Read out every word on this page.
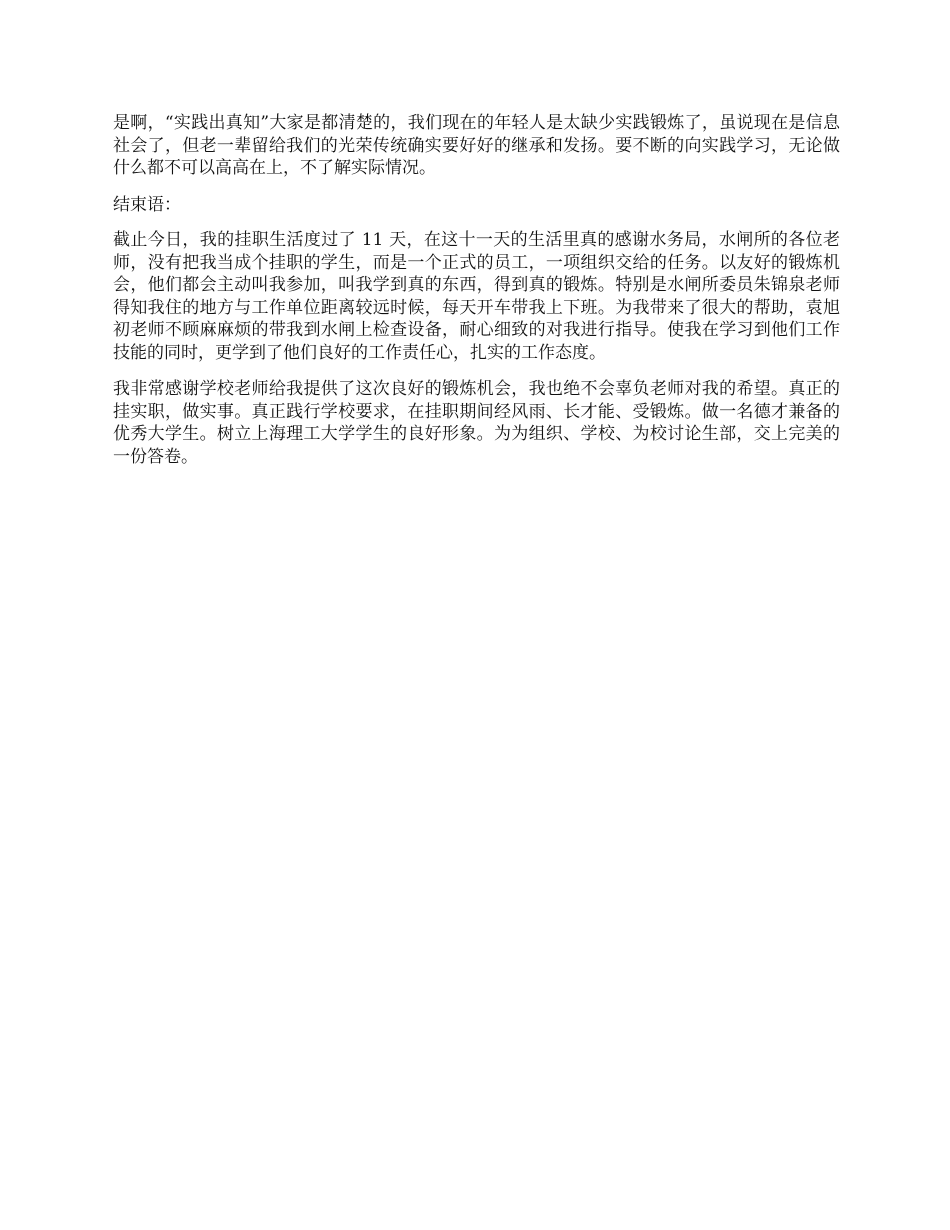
是啊，“实践出真知”大家是都清楚的，我们现在的年轻人是太缺少实践锻炼了，虽说现在是信息社会了，但老一辈留给我们的光荣传统确实要好好的继承和发扬。要不断的向实践学习，无论做什么都不可以高高在上，不了解实际情况。

结束语：

截止今日，我的挂职生活度过了 11 天，在这十一天的生活里真的感谢水务局，水闸所的各位老师，没有把我当成个挂职的学生，而是一个正式的员工，一项组织交给的任务。以友好的锻炼机会，他们都会主动叫我参加，叫我学到真的东西，得到真的锻炼。特别是水闸所委员朱锦泉老师得知我住的地方与工作单位距离较远时候，每天开车带我上下班。为我带来了很大的帮助，袁旭初老师不顾麻麻烦的带我到水闸上检查设备，耐心细致的对我进行指导。使我在学习到他们工作技能的同时，更学到了他们良好的工作责任心，扎实的工作态度。

我非常感谢学校老师给我提供了这次良好的锻炼机会，我也绝不会辜负老师对我的希望。真正的挂实职，做实事。真正践行学校要求，在挂职期间经风雨、长才能、受锻炼。做一名德才兼备的优秀大学生。树立上海理工大学学生的良好形象。为为组织、学校、为校讨论生部，交上完美的一份答卷。
